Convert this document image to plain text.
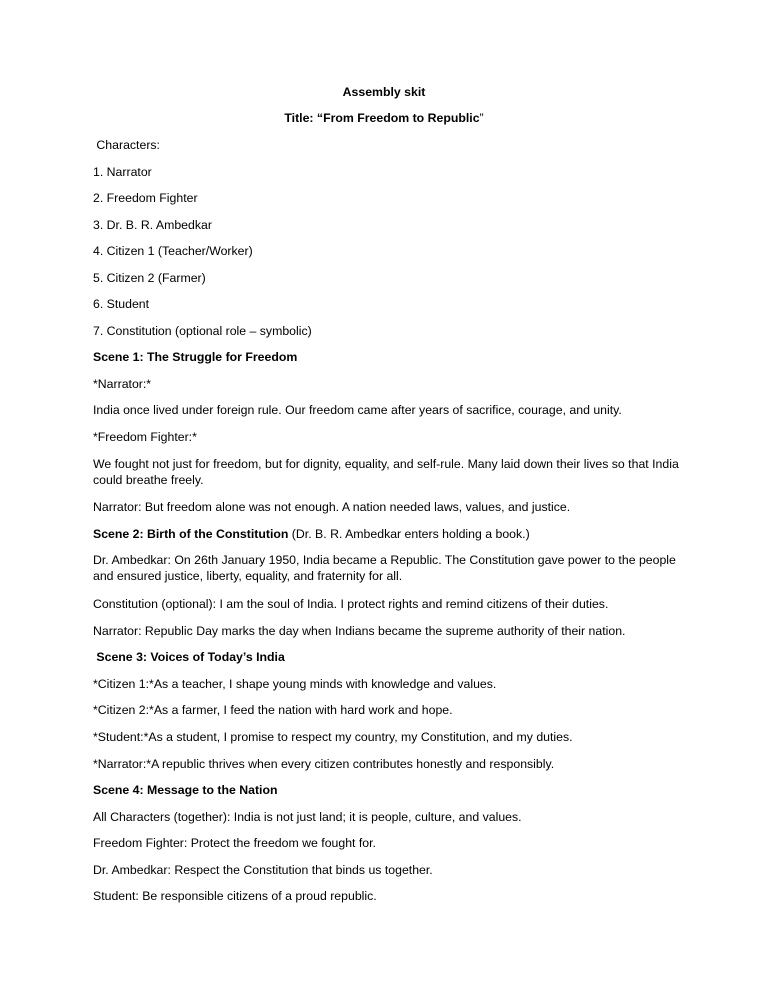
Assembly skit
Title: “From Freedom to Republic”
Characters:
1. Narrator
2. Freedom Fighter
3. Dr. B. R. Ambedkar
4. Citizen 1 (Teacher/Worker)
5. Citizen 2 (Farmer)
6. Student
7. Constitution (optional role – symbolic)
Scene 1: The Struggle for Freedom
*Narrator:*
India once lived under foreign rule. Our freedom came after years of sacrifice, courage, and unity.
*Freedom Fighter:*
We fought not just for freedom, but for dignity, equality, and self-rule. Many laid down their lives so that India could breathe freely.
Narrator: But freedom alone was not enough. A nation needed laws, values, and justice.
Scene 2: Birth of the Constitution (Dr. B. R. Ambedkar enters holding a book.)
Dr. Ambedkar: On 26th January 1950, India became a Republic. The Constitution gave power to the people and ensured justice, liberty, equality, and fraternity for all.
Constitution (optional): I am the soul of India. I protect rights and remind citizens of their duties.
Narrator: Republic Day marks the day when Indians became the supreme authority of their nation.
Scene 3: Voices of Today’s India
*Citizen 1:*As a teacher, I shape young minds with knowledge and values.
*Citizen 2:*As a farmer, I feed the nation with hard work and hope.
*Student:*As a student, I promise to respect my country, my Constitution, and my duties.
*Narrator:*A republic thrives when every citizen contributes honestly and responsibly.
Scene 4: Message to the Nation
All Characters (together): India is not just land; it is people, culture, and values.
Freedom Fighter: Protect the freedom we fought for.
Dr. Ambedkar: Respect the Constitution that binds us together.
Student: Be responsible citizens of a proud republic.
